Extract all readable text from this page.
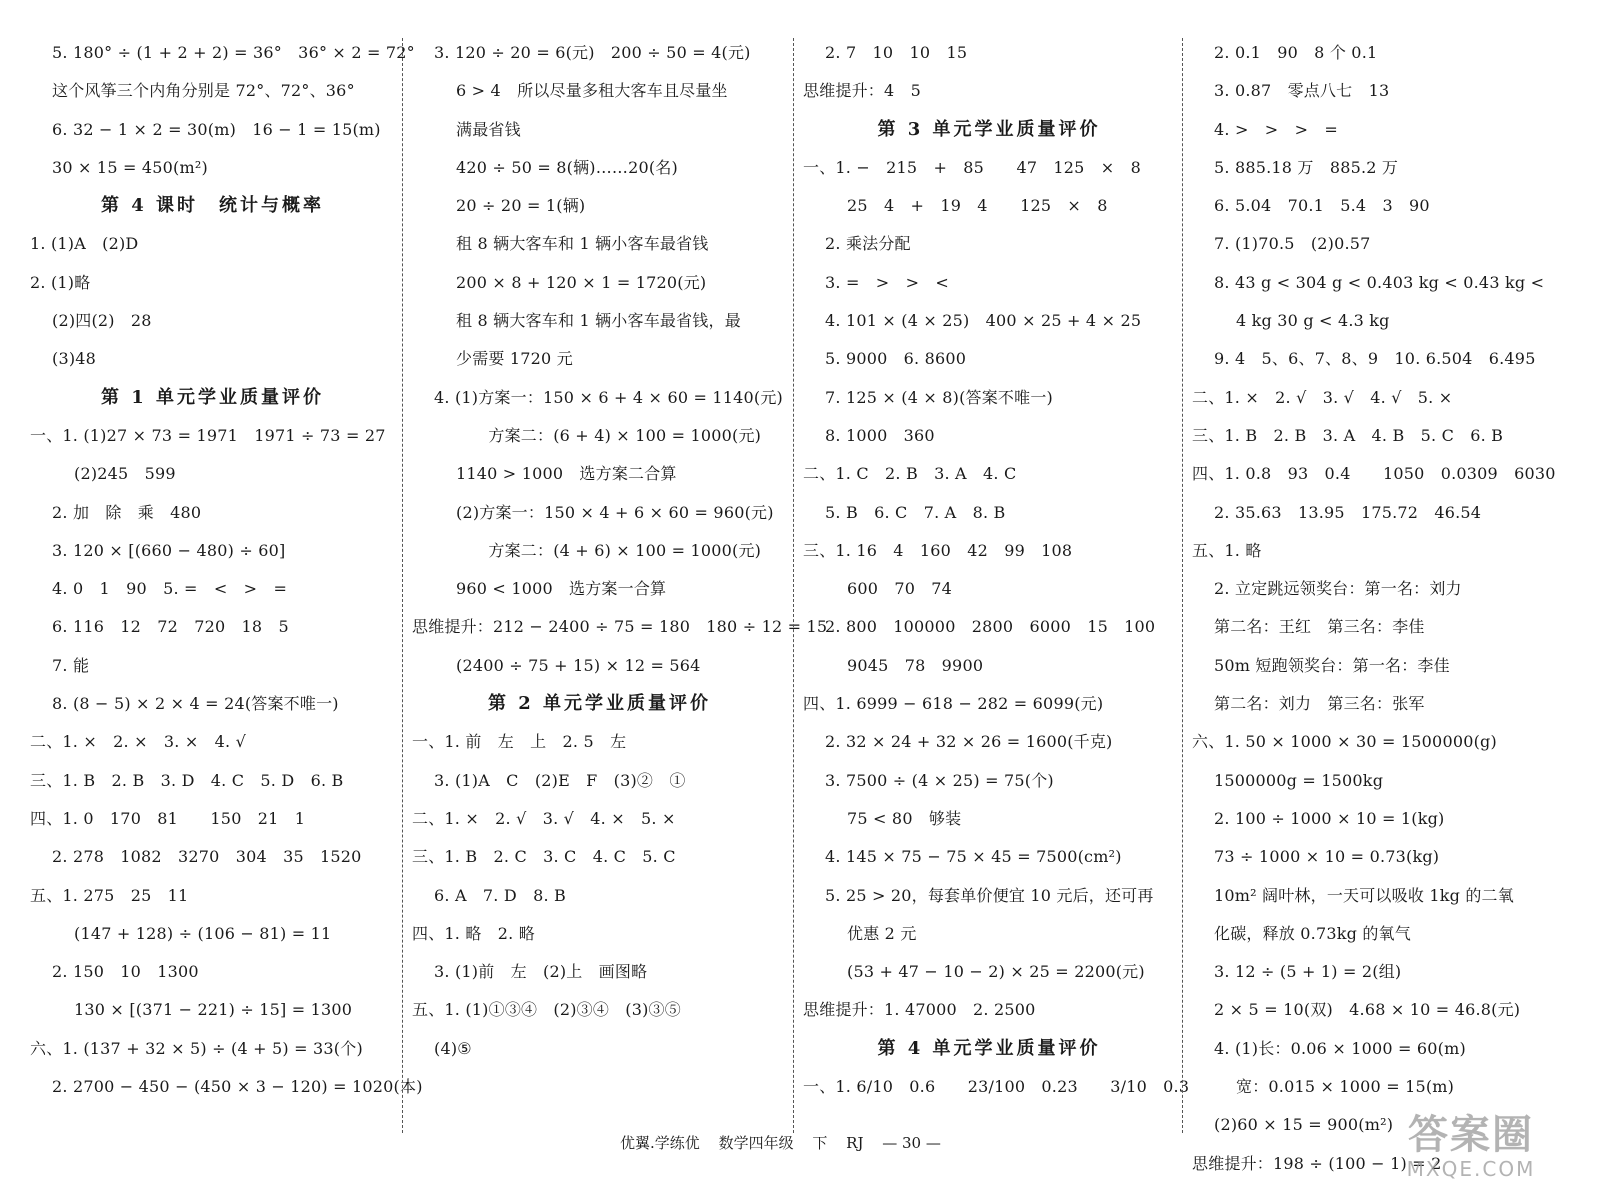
5. 180° ÷ (1 + 2 + 2) = 36°　36° × 2 = 72°
这个风筝三个内角分别是 72°、72°、36°
6. 32 − 1 × 2 = 30(m)　16 − 1 = 15(m)
30 × 15 = 450(m²)
第 4 课时　统计与概率
1. (1)A　(2)D
2. (1)略
(2)四(2)　28
(3)48
第 1 单元学业质量评价
一、1. (1)27 × 73 = 1971　1971 ÷ 73 = 27
(2)245　599
2. 加　除　乘　480
3. 120 × [(660 − 480) ÷ 60]
4. 0　1　90　5. =　<　>　=
6. 116　12　72　720　18　5
7. 能
8. (8 − 5) × 2 × 4 = 24(答案不唯一)
二、1. ×　2. ×　3. ×　4. √
三、1. B　2. B　3. D　4. C　5. D　6. B
四、1. 0　170　81　　150　21　1
2. 278　1082　3270　304　35　1520
五、1. 275　25　11
(147 + 128) ÷ (106 − 81) = 11
2. 150　10　1300
130 × [(371 − 221) ÷ 15] = 1300
六、1. (137 + 32 × 5) ÷ (4 + 5) = 33(个)
2. 2700 − 450 − (450 × 3 − 120) = 1020(本)
3. 120 ÷ 20 = 6(元)　200 ÷ 50 = 4(元)
6 > 4　所以尽量多租大客车且尽量坐
满最省钱
420 ÷ 50 = 8(辆)……20(名)
20 ÷ 20 = 1(辆)
租 8 辆大客车和 1 辆小客车最省钱
200 × 8 + 120 × 1 = 1720(元)
租 8 辆大客车和 1 辆小客车最省钱，最
少需要 1720 元
4. (1)方案一：150 × 6 + 4 × 60 = 1140(元)
　　方案二：(6 + 4) × 100 = 1000(元)
1140 > 1000　选方案二合算
(2)方案一：150 × 4 + 6 × 60 = 960(元)
　　方案二：(4 + 6) × 100 = 1000(元)
960 < 1000　选方案一合算
思维提升：212 − 2400 ÷ 75 = 180　180 ÷ 12 = 15
(2400 ÷ 75 + 15) × 12 = 564
第 2 单元学业质量评价
一、1. 前　左　上　2. 5　左
3. (1)A　C　(2)E　F　(3)②　①
二、1. ×　2. √　3. √　4. ×　5. ×
三、1. B　2. C　3. C　4. C　5. C
6. A　7. D　8. B
四、1. 略　2. 略
3. (1)前　左　(2)上　画图略
五、1. (1)①③④　(2)③④　(3)③⑤
(4)⑤
2. 7　10　10　15
思维提升：4　5
第 3 单元学业质量评价
一、1. −　215　+　85　　47　125　×　8
25　4　+　19　4　　125　×　8
2. 乘法分配
3. =　>　>　<
4. 101 × (4 × 25)　400 × 25 + 4 × 25
5. 9000　6. 8600
7. 125 × (4 × 8)(答案不唯一)
8. 1000　360
二、1. C　2. B　3. A　4. C
5. B　6. C　7. A　8. B
三、1. 16　4　160　42　99　108
600　70　74
2. 800　100000　2800　6000　15　100
9045　78　9900
四、1. 6999 − 618 − 282 = 6099(元)
2. 32 × 24 + 32 × 26 = 1600(千克)
3. 7500 ÷ (4 × 25) = 75(个)
75 < 80　够装
4. 145 × 75 − 75 × 45 = 7500(cm²)
5. 25 > 20，每套单价便宜 10 元后，还可再
优惠 2 元
(53 + 47 − 10 − 2) × 25 = 2200(元)
思维提升：1. 47000　2. 2500
第 4 单元学业质量评价
一、1. 6/10　0.6　　23/100　0.23　　3/10　0.3
2. 0.1　90　8 个 0.1
3. 0.87　零点八七　13
4. >　>　>　=
5. 885.18 万　885.2 万
6. 5.04　70.1　5.4　3　90
7. (1)70.5　(2)0.57
8. 43 g < 304 g < 0.403 kg < 0.43 kg <
4 kg 30 g < 4.3 kg
9. 4　5、6、7、8、9　10. 6.504　6.495
二、1. ×　2. √　3. √　4. √　5. ×
三、1. B　2. B　3. A　4. B　5. C　6. B
四、1. 0.8　93　0.4　　1050　0.0309　6030
2. 35.63　13.95　175.72　46.54
五、1. 略
2. 立定跳远领奖台：第一名：刘力
第二名：王红　第三名：李佳
50m 短跑领奖台：第一名：李佳
第二名：刘力　第三名：张军
六、1. 50 × 1000 × 30 = 1500000(g)
1500000g = 1500kg
2. 100 ÷ 1000 × 10 = 1(kg)
73 ÷ 1000 × 10 = 0.73(kg)
10m² 阔叶林，一天可以吸收 1kg 的二氧
化碳，释放 0.73kg 的氧气
3. 12 ÷ (5 + 1) = 2(组)
2 × 5 = 10(双)　4.68 × 10 = 46.8(元)
4. (1)长：0.06 × 1000 = 60(m)
宽：0.015 × 1000 = 15(m)
(2)60 × 15 = 900(m²)
思维提升：198 ÷ (100 − 1) = 2
优翼.学练优 数学四年级 下 RJ — 30 —	答案圈
MXQE.COM
